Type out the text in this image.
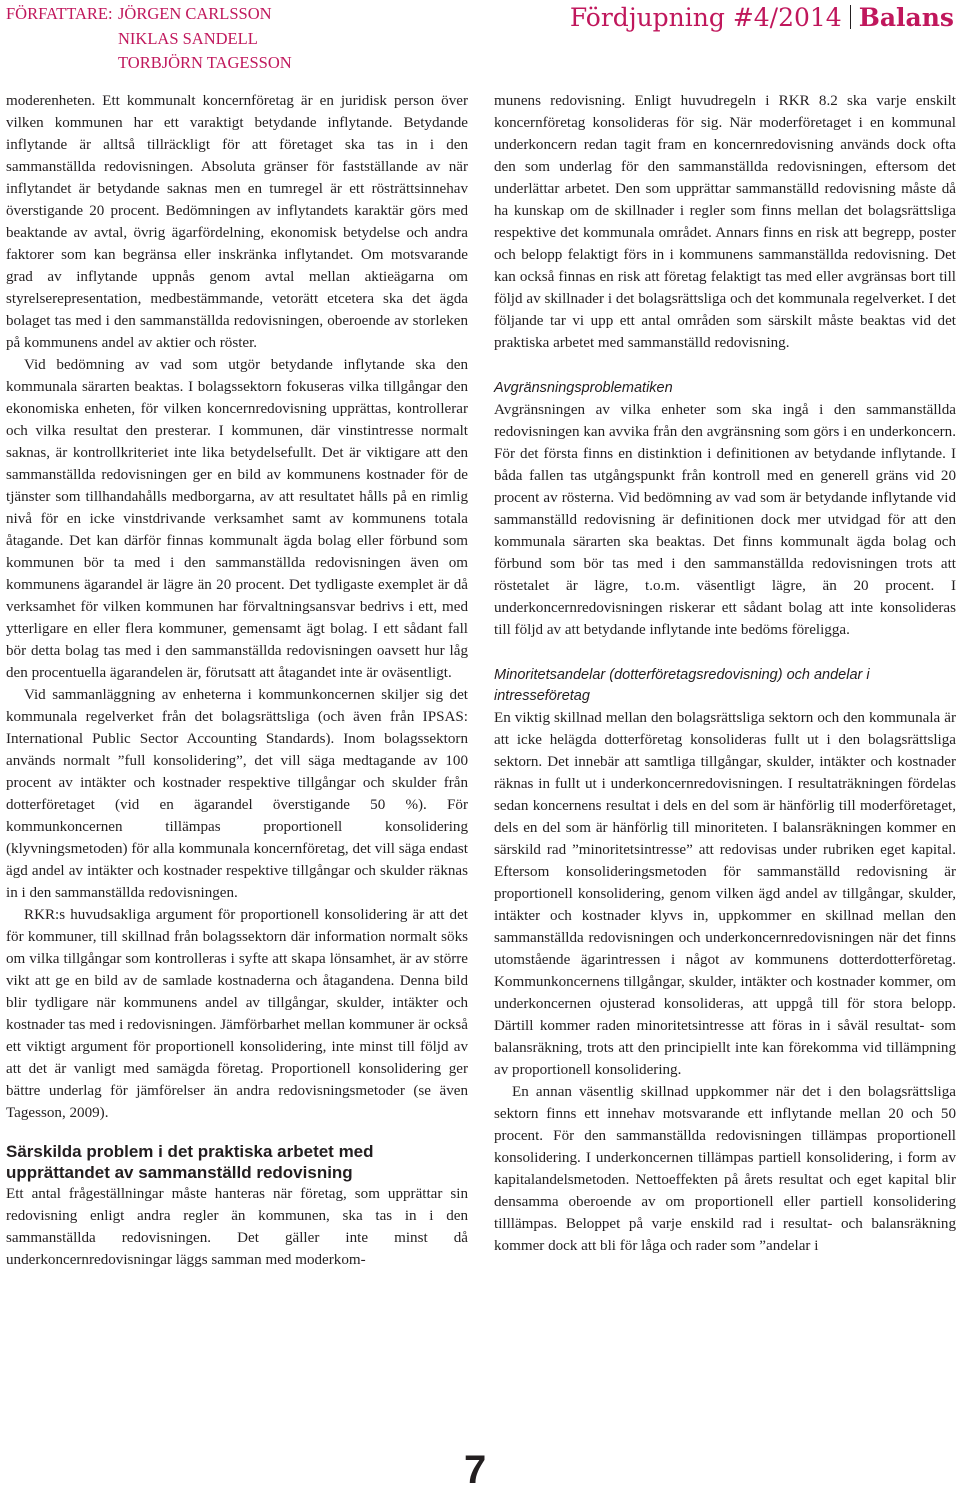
FÖRFATTARE: JÖRGEN CARLSSON
NIKLAS SANDELL
TORBJÖRN TAGESSON
Fördjupning #4/2014 Balans

moderenheten. Ett kommunalt koncernföretag är en juridisk person över vilken kommunen har ett varaktigt betydande inflytande. Betydande inflytande är alltså tillräckligt för att företaget ska tas in i den sammanställda redovisningen. Absoluta gränser för fastställande av när inflytandet är betydande saknas men en tumregel är ett rösträttsinnehav överstigande 20 procent. Bedömningen av inflytandets karaktär görs med beaktande av avtal, övrig ägarfördelning, ekonomisk betydelse och andra faktorer som kan begränsa eller inskränka inflytandet. Om motsvarande grad av inflytande uppnås genom avtal mellan aktieägarna om styrelserepresentation, medbestämmande, vetorätt etcetera ska det ägda bolaget tas med i den sammanställda redovisningen, oberoende av storleken på kommunens andel av aktier och röster.

Vid bedömning av vad som utgör betydande inflytande ska den kommunala särarten beaktas. I bolagssektorn fokuseras vilka tillgångar den ekonomiska enheten, för vilken koncernredovisning upprättas, kontrollerar och vilka resultat den presterar. I kommunen, där vinstintresse normalt saknas, är kontrollkriteriet inte lika betydelsefullt. Det är viktigare att den sammanställda redovisningen ger en bild av kommunens kostnader för de tjänster som tillhandahålls medborgarna, av att resultatet hålls på en rimlig nivå för en icke vinstdrivande verksamhet samt av kommunens totala åtagande. Det kan därför finnas kommunalt ägda bolag eller förbund som kommunen bör ta med i den sammanställda redovisningen även om kommunens ägarandel är lägre än 20 procent. Det tydligaste exemplet är då verksamhet för vilken kommunen har förvaltningsansvar bedrivs i ett, med ytterligare en eller flera kommuner, gemensamt ägt bolag. I ett sådant fall bör detta bolag tas med i den sammanställda redovisningen oavsett hur låg den procentuella ägarandelen är, förutsatt att åtagandet inte är oväsentligt.

Vid sammanläggning av enheterna i kommunkoncernen skiljer sig det kommunala regelverket från det bolagsrättsliga (och även från IPSAS: International Public Sector Accounting Standards). Inom bolagssektorn används normalt ”full konsolidering”, det vill säga medtagande av 100 procent av intäkter och kostnader respektive tillgångar och skulder från dotterföretaget (vid en ägarandel överstigande 50 %). För kommunkoncernen tillämpas proportionell konsolidering (klyvningsmetoden) för alla kommunala koncernföretag, det vill säga endast ägd andel av intäkter och kostnader respektive tillgångar och skulder räknas in i den sammanställda redovisningen.

RKR:s huvudsakliga argument för proportionell konsolidering är att det för kommuner, till skillnad från bolagssektorn där information normalt söks om vilka tillgångar som kontrolleras i syfte att skapa lönsamhet, är av större vikt att ge en bild av de samlade kostnaderna och åtagandena. Denna bild blir tydligare när kommunens andel av tillgångar, skulder, intäkter och kostnader tas med i redovisningen. Jämförbarhet mellan kommuner är också ett viktigt argument för proportionell konsolidering, inte minst till följd av att det är vanligt med samägda företag. Proportionell konsolidering ger bättre underlag för jämförelser än andra redovisningsmetoder (se även Tagesson, 2009).

Särskilda problem i det praktiska arbetet med upprättandet av sammanställd redovisning

Ett antal frågeställningar måste hanteras när företag, som upprättar sin redovisning enligt andra regler än kommunen, ska tas in i den sammanställda redovisningen. Det gäller inte minst då underkoncernredovisningar läggs samman med moderkom-

munens redovisning. Enligt huvudregeln i RKR 8.2 ska varje enskilt koncernföretag konsolideras för sig. När moderföretaget i en kommunal underkoncern redan tagit fram en koncernredovisning används dock ofta den som underlag för den sammanställda redovisningen, eftersom det underlättar arbetet. Den som upprättar sammanställd redovisning måste då ha kunskap om de skillnader i regler som finns mellan det bolagsrättsliga respektive det kommunala området. Annars finns en risk att begrepp, poster och belopp felaktigt förs in i kommunens sammanställda redovisning. Det kan också finnas en risk att företag felaktigt tas med eller avgränsas bort till följd av skillnader i det bolagsrättsliga och det kommunala regelverket. I det följande tar vi upp ett antal områden som särskilt måste beaktas vid det praktiska arbetet med sammanställd redovisning.

Avgränsningsproblematiken

Avgränsningen av vilka enheter som ska ingå i den sammanställda redovisningen kan avvika från den avgränsning som görs i en underkoncern. För det första finns en distinktion i definitionen av betydande inflytande. I båda fallen tas utgångspunkt från kontroll med en generell gräns vid 20 procent av rösterna. Vid bedömning av vad som är betydande inflytande vid sammanställd redovisning är definitionen dock mer utvidgad för att den kommunala särarten ska beaktas. Det finns kommunalt ägda bolag och förbund som bör tas med i den sammanställda redovisningen trots att röstetalet är lägre, t.o.m. väsentligt lägre, än 20 procent. I underkoncernredovisningen riskerar ett sådant bolag att inte konsolideras till följd av att betydande inflytande inte bedöms föreligga.

Minoritetsandelar (dotterföretagsredovisning) och andelar i intresseföretag

En viktig skillnad mellan den bolagsrättsliga sektorn och den kommunala är att icke helägda dotterföretag konsolideras fullt ut i den bolagsrättsliga sektorn. Det innebär att samtliga tillgångar, skulder, intäkter och kostnader räknas in fullt ut i underkoncernredovisningen. I resultaträkningen fördelas sedan koncernens resultat i dels en del som är hänförlig till moderföretaget, dels en del som är hänförlig till minoriteten. I balansräkningen kommer en särskild rad ”minoritetsintresse” att redovisas under rubriken eget kapital. Eftersom konsolideringsmetoden för sammanställd redovisning är proportionell konsolidering, genom vilken ägd andel av tillgångar, skulder, intäkter och kostnader klyvs in, uppkommer en skillnad mellan den sammanställda redovisningen och underkoncernredovisningen när det finns utomstående ägarintressen i något av kommunens dotterdotterföretag. Kommunkoncernens tillgångar, skulder, intäkter och kostnader kommer, om underkoncernen ojusterad konsolideras, att uppgå till för stora belopp. Därtill kommer raden minoritetsintresse att föras in i såväl resultat- som balansräkning, trots att den principiellt inte kan förekomma vid tillämpning av proportionell konsolidering.

En annan väsentlig skillnad uppkommer när det i den bolagsrättsliga sektorn finns ett innehav motsvarande ett inflytande mellan 20 och 50 procent. För den sammanställda redovisningen tillämpas proportionell konsolidering. I underkoncernen tillämpas partiell konsolidering, i form av kapitalandelsmetoden. Nettoeffekten på årets resultat och eget kapital blir densamma oberoende av om proportionell eller partiell konsolidering tilllämpas. Beloppet på varje enskild rad i resultat- och balansräkning kommer dock att bli för låga och rader som ”andelar i

7
